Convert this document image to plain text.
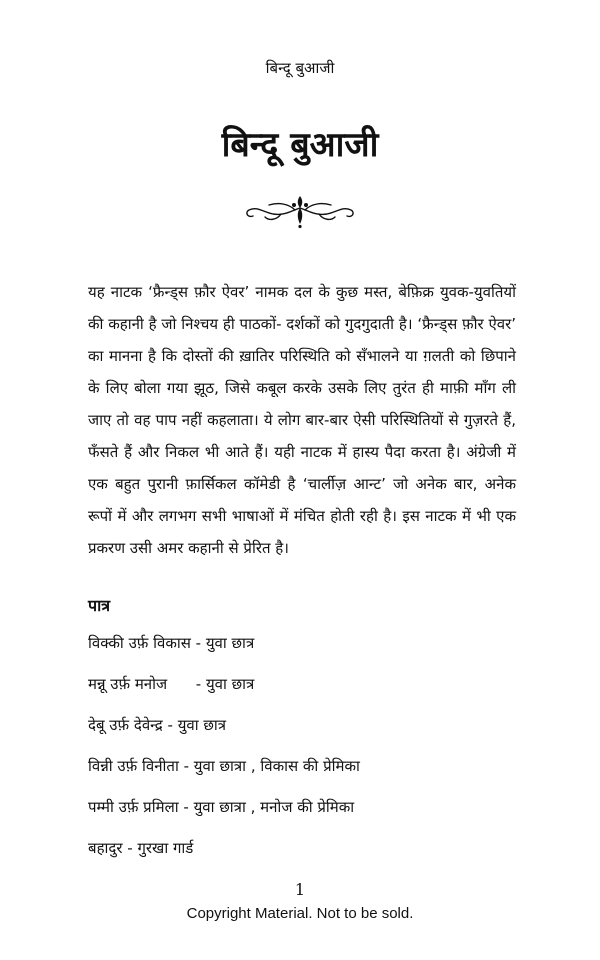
बिन्दू बुआजी
बिन्दू बुआजी

यह नाटक ‘फ्रैन्ड्स फ़ौर ऐवर’ नामक दल के कुछ मस्त, बेफ़िक्र युवक-युवतियों की कहानी है जो निश्चय ही पाठकों- दर्शकों को गुदगुदाती है। ‘फ्रैन्ड्स फ़ौर ऐवर’ का मानना है कि दोस्तों की ख़ातिर परिस्थिति को सँभालने या ग़लती को छिपाने के लिए बोला गया झूठ, जिसे कबूल करके उसके लिए तुरंत ही माफ़ी माँग ली जाए तो वह पाप नहीं कहलाता। ये लोग बार-बार ऐसी परिस्थितियों से गुज़रते हैं, फँसते हैं और निकल भी आते हैं। यही नाटक में हास्य पैदा करता है। अंग्रेजी में एक बहुत पुरानी फ़ार्सिकल कॉमेडी है ‘चार्लीज़ आन्ट’ जो अनेक बार, अनेक रूपों में और लगभग सभी भाषाओं में मंचित होती रही है। इस नाटक में भी एक प्रकरण उसी अमर कहानी से प्रेरित है।

पात्र
विक्की उर्फ़ विकास - युवा छात्र
मन्नू उर्फ़ मनोज      - युवा छात्र
देबू उर्फ़ देवेन्द्र - युवा छात्र
विन्नी उर्फ़ विनीता - युवा छात्रा , विकास की प्रेमिका
पम्मी उर्फ़ प्रमिला - युवा छात्रा , मनोज की प्रेमिका
बहादुर - गुरखा गार्ड
1
Copyright Material. Not to be sold.
